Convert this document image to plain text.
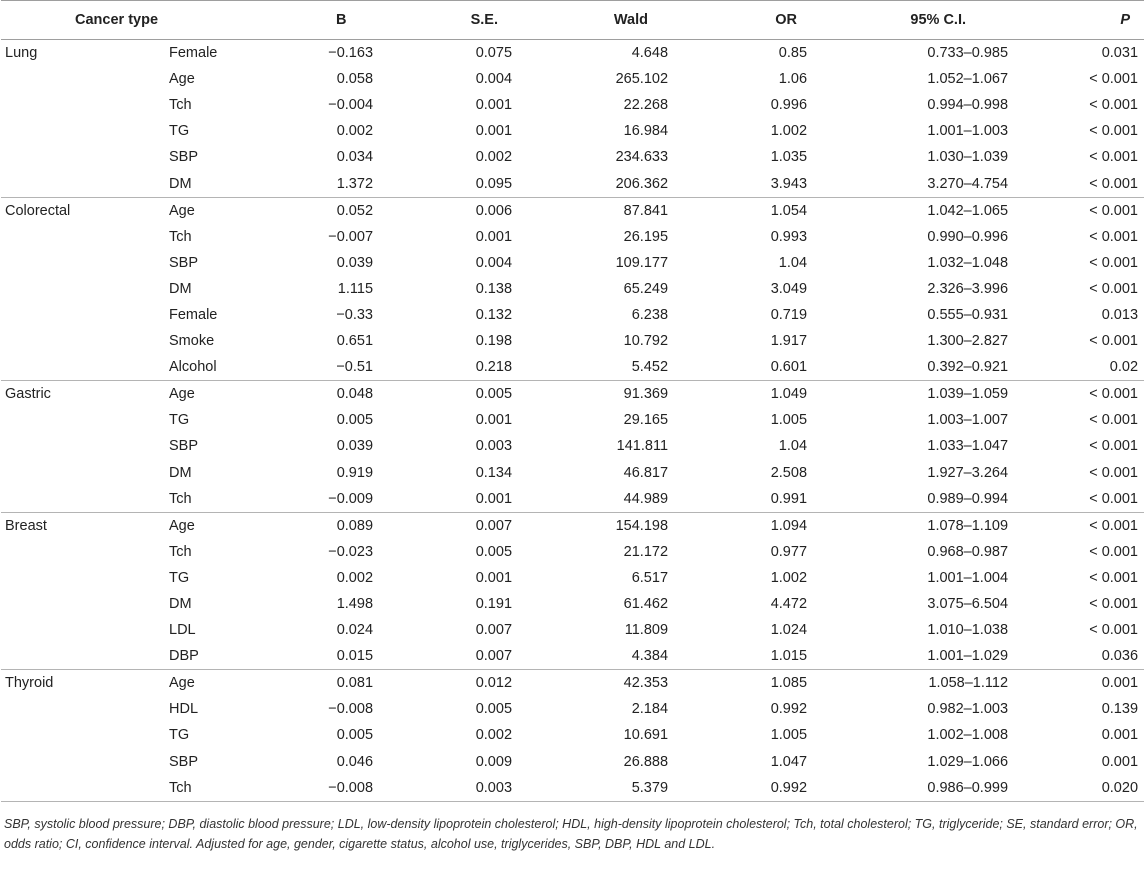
Cancer type		B	S.E.	Wald	OR	95% C.I.	P
Lung	Female	−0.163	0.075	4.648	0.85	0.733–0.985	0.031
	Age	0.058	0.004	265.102	1.06	1.052–1.067	< 0.001
	Tch	−0.004	0.001	22.268	0.996	0.994–0.998	< 0.001
	TG	0.002	0.001	16.984	1.002	1.001–1.003	< 0.001
	SBP	0.034	0.002	234.633	1.035	1.030–1.039	< 0.001
	DM	1.372	0.095	206.362	3.943	3.270–4.754	< 0.001
Colorectal	Age	0.052	0.006	87.841	1.054	1.042–1.065	< 0.001
	Tch	−0.007	0.001	26.195	0.993	0.990–0.996	< 0.001
	SBP	0.039	0.004	109.177	1.04	1.032–1.048	< 0.001
	DM	1.115	0.138	65.249	3.049	2.326–3.996	< 0.001
	Female	−0.33	0.132	6.238	0.719	0.555–0.931	0.013
	Smoke	0.651	0.198	10.792	1.917	1.300–2.827	< 0.001
	Alcohol	−0.51	0.218	5.452	0.601	0.392–0.921	0.02
Gastric	Age	0.048	0.005	91.369	1.049	1.039–1.059	< 0.001
	TG	0.005	0.001	29.165	1.005	1.003–1.007	< 0.001
	SBP	0.039	0.003	141.811	1.04	1.033–1.047	< 0.001
	DM	0.919	0.134	46.817	2.508	1.927–3.264	< 0.001
	Tch	−0.009	0.001	44.989	0.991	0.989–0.994	< 0.001
Breast	Age	0.089	0.007	154.198	1.094	1.078–1.109	< 0.001
	Tch	−0.023	0.005	21.172	0.977	0.968–0.987	< 0.001
	TG	0.002	0.001	6.517	1.002	1.001–1.004	< 0.001
	DM	1.498	0.191	61.462	4.472	3.075–6.504	< 0.001
	LDL	0.024	0.007	11.809	1.024	1.010–1.038	< 0.001
	DBP	0.015	0.007	4.384	1.015	1.001–1.029	0.036
Thyroid	Age	0.081	0.012	42.353	1.085	1.058–1.112	0.001
	HDL	−0.008	0.005	2.184	0.992	0.982–1.003	0.139
	TG	0.005	0.002	10.691	1.005	1.002–1.008	0.001
	SBP	0.046	0.009	26.888	1.047	1.029–1.066	0.001
	Tch	−0.008	0.003	5.379	0.992	0.986–0.999	0.020
SBP, systolic blood pressure; DBP, diastolic blood pressure; LDL, low-density lipoprotein cholesterol; HDL, high-density lipoprotein cholesterol; Tch, total cholesterol; TG, triglyceride; SE, standard error; OR, odds ratio; CI, confidence interval. Adjusted for age, gender, cigarette status, alcohol use, triglycerides, SBP, DBP, HDL and LDL.
